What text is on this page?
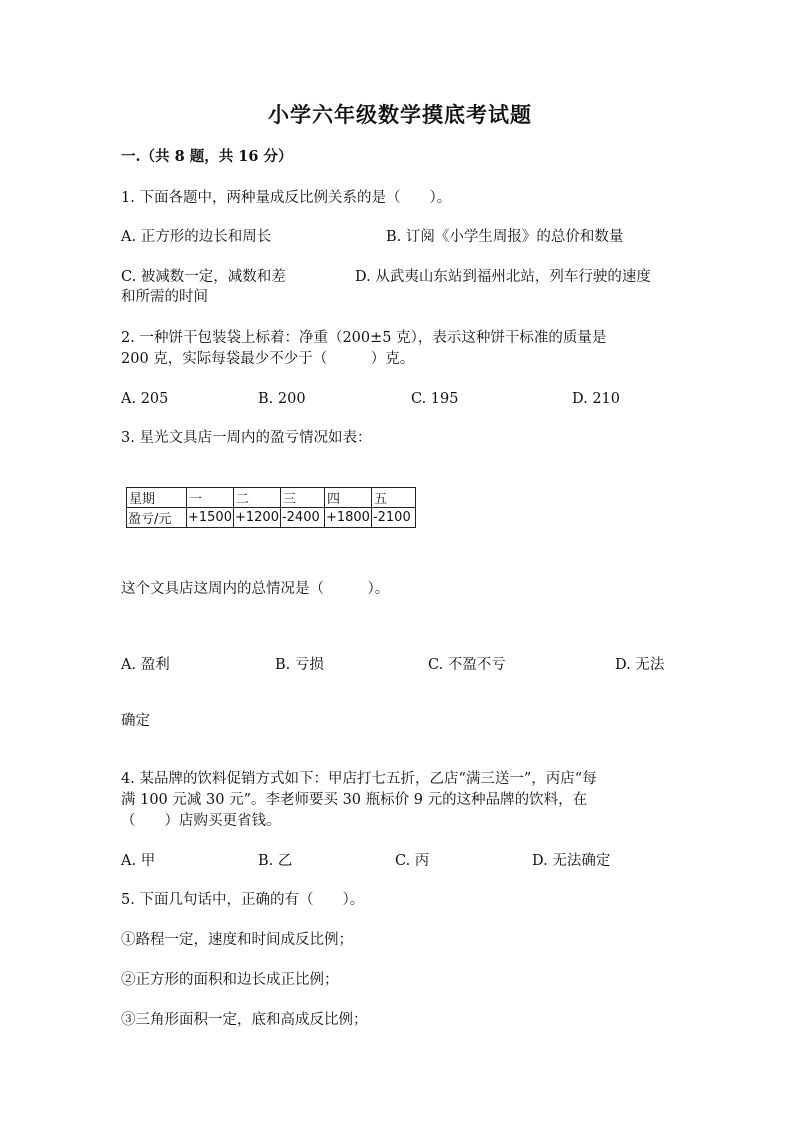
小学六年级数学摸底考试题
一.（共 8 题，共 16 分）
1. 下面各题中，两种量成反比例关系的是（　　）。
A. 正方形的边长和周长	B. 订阅《小学生周报》的总价和数量
C. 被减数一定，减数和差	D. 从武夷山东站到福州北站，列车行驶的速度
和所需的时间
2. 一种饼干包装袋上标着：净重（200±5 克），表示这种饼干标准的质量是
200 克，实际每袋最少不少于（　　　）克。
A. 205	B. 200	C. 195	D. 210
3. 星光文具店一周内的盈亏情况如表：
星期	一	二	三	四	五
盈亏/元	+1500	+1200	-2400	+1800	-2100
这个文具店这周内的总情况是（　　　）。
A. 盈利	B. 亏损	C. 不盈不亏	D. 无法
确定
4. 某品牌的饮料促销方式如下：甲店打七五折，乙店“满三送一”，丙店“每
满 100 元减 30 元”。李老师要买 30 瓶标价 9 元的这种品牌的饮料，在
（　　）店购买更省钱。
A. 甲	B. 乙	C. 丙	D. 无法确定
5. 下面几句话中，正确的有（　　）。
①路程一定，速度和时间成反比例；
②正方形的面积和边长成正比例；
③三角形面积一定，底和高成反比例；
